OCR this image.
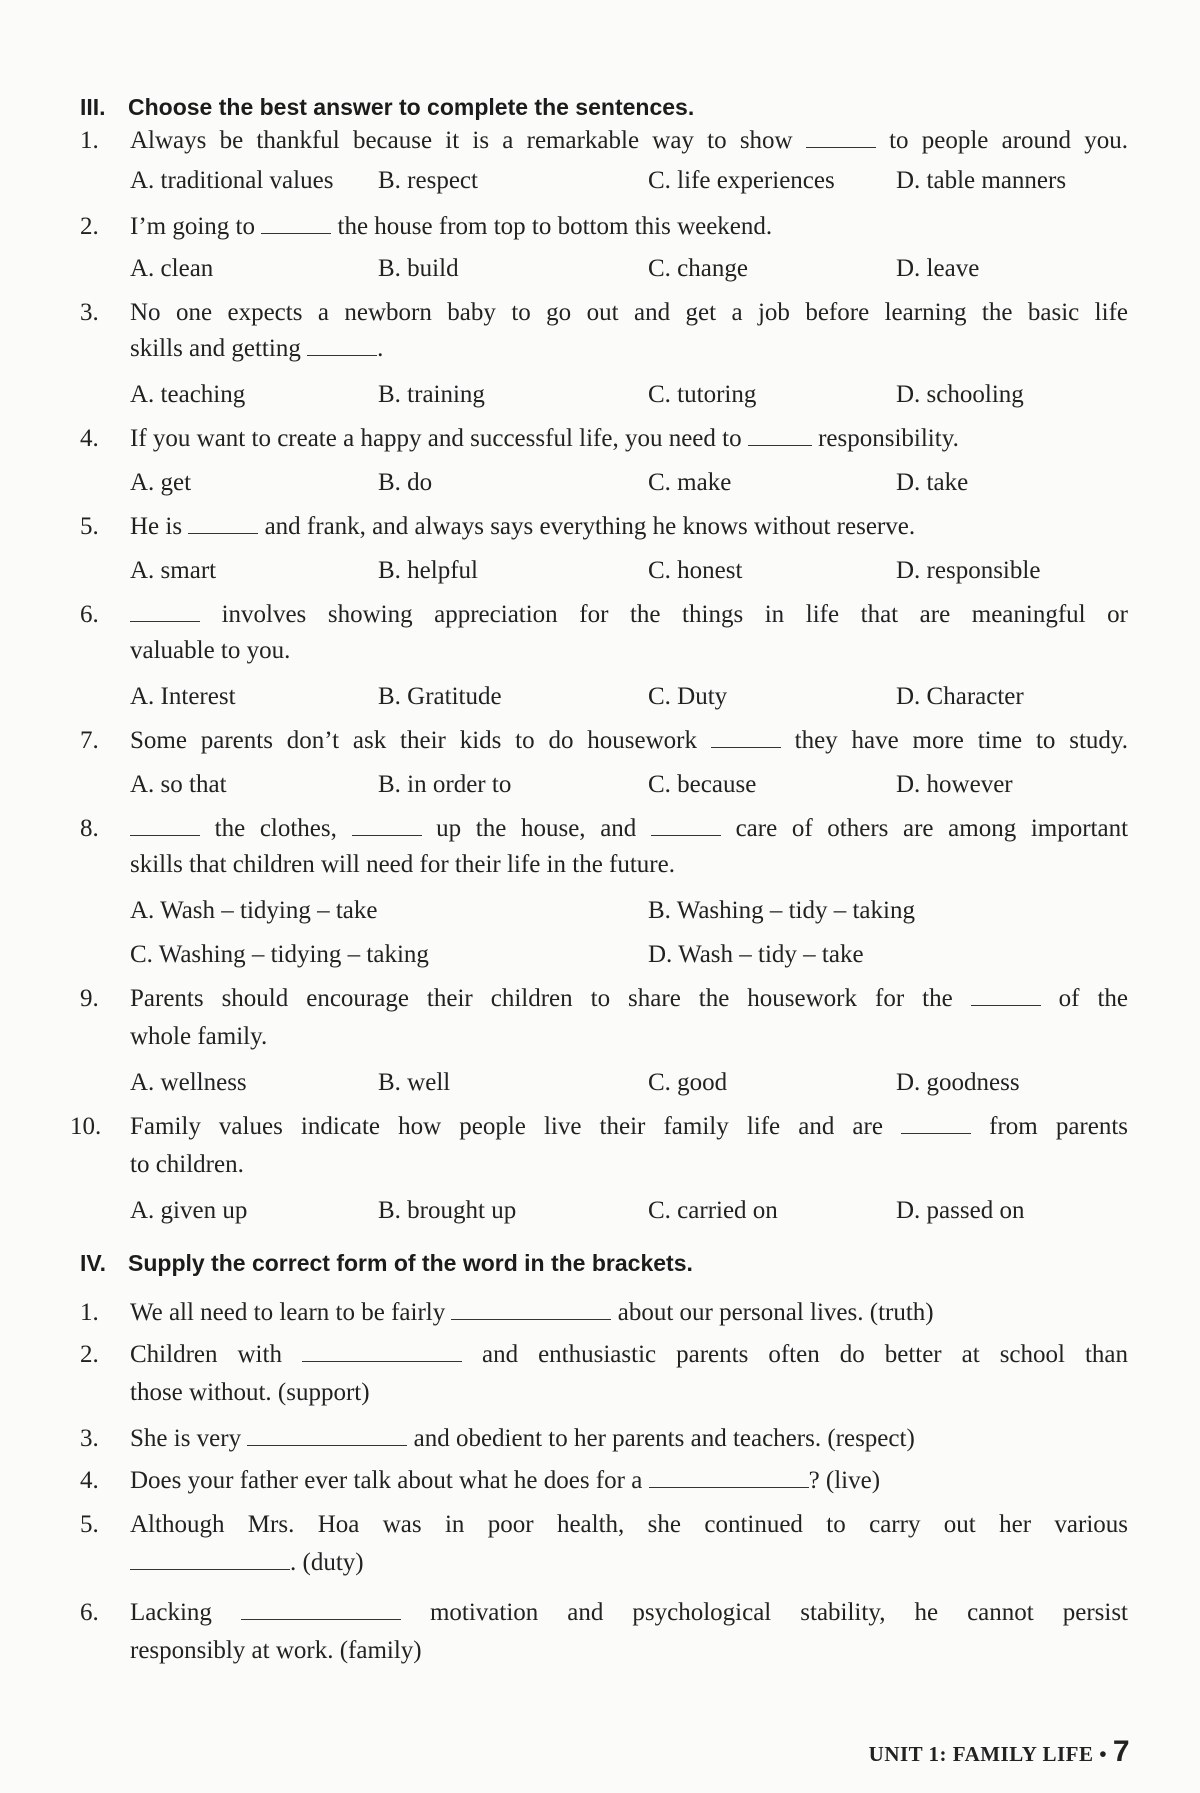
III. Choose the best answer to complete the sentences.
1.	Always be thankful because it is a remarkable way to show	to people around you.
A. traditional values B. respect	C. life experiences D. table manners
2.	I’m going to	the house from top to bottom this weekend.
A. clean	B. build	C. change	D. leave
3.	No one expects a newborn baby to go out and get a job before learning the basic life
skills and getting	.
A. teaching	B. training	C. tutoring	D. schooling
4.	If you want to create a happy and successful life, you need to	responsibility.
A. get	B. do	C. make	D. take
5.	He is	and frank, and always says everything he knows without reserve.
A. smart	B. helpful	C. honest	D. responsible
6.	involves showing appreciation for the things in life that are meaningful or
valuable to you.
A. Interest	B. Gratitude	C. Duty	D. Character
7.	Some parents don’t ask their kids to do housework	they have more time to study.
A. so that	B. in order to	C. because	D. however
8.	the clothes,	up the house, and	care of others are among important
skills that children will need for their life in the future.
A. Wash – tidying – take	B. Washing – tidy – taking
C. Washing – tidying – taking	D. Wash – tidy – take
9.	Parents should encourage their children to share the housework for the	of the
whole family.
A. wellness	B. well	C. good	D. goodness
10.	Family values indicate how people live their family life and are	from parents
to children.
A. given up	B. brought up	C. carried on	D. passed on
IV. Supply the correct form of the word in the brackets.
1.	We all need to learn to be fairly	about our personal lives. (truth)
2.	Children with	and enthusiastic parents often do better at school than
those without. (support)
3.	She is very	and obedient to her parents and teachers. (respect)
4.	Does your father ever talk about what he does for a	? (live)
5.	Although Mrs. Hoa was in poor health, she continued to carry out her various
. (duty)
6.	Lacking	motivation and psychological stability, he cannot persist
responsibly at work. (family)
UNIT 1: FAMILY LIFE • 7
